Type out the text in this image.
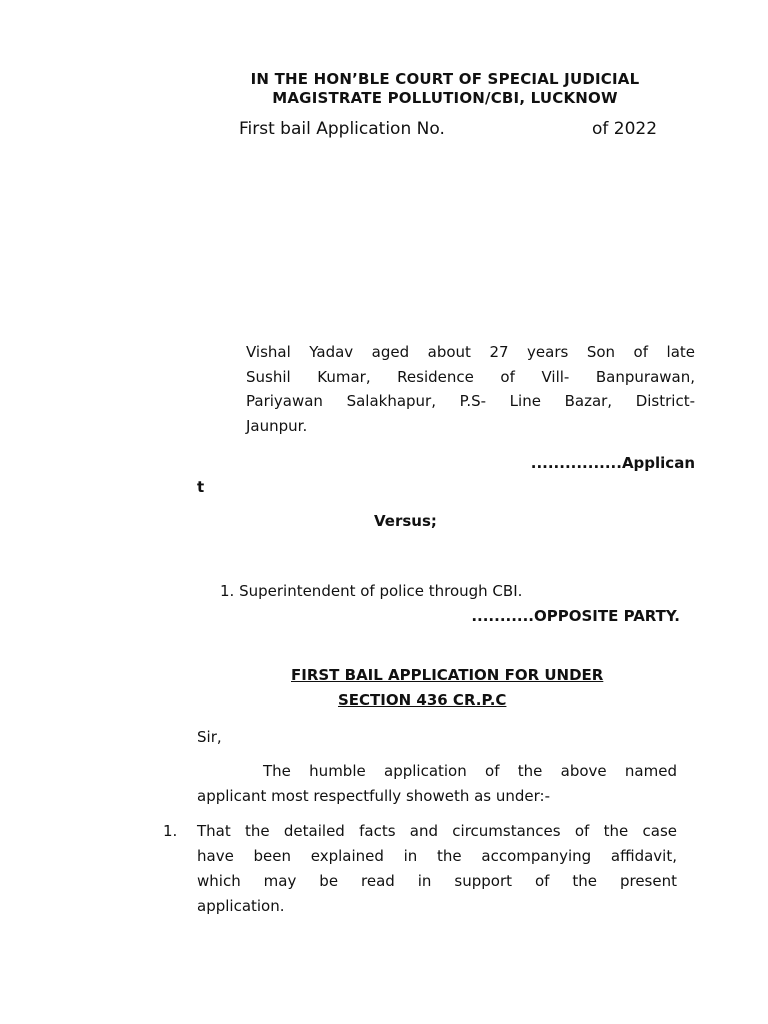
IN THE HON’BLE COURT OF SPECIAL JUDICIAL
MAGISTRATE POLLUTION/CBI, LUCKNOW
First bail Application No.	of 2022
Vishal Yadav aged about 27 years Son of late
Sushil Kumar, Residence of Vill- Banpurawan,
Pariyawan Salakhapur, P.S- Line Bazar, District-
Jaunpur.
................Applican
t
Versus;
1. Superintendent of police through CBI.
...........OPPOSITE PARTY.
FIRST BAIL APPLICATION FOR UNDER
SECTION 436 CR.P.C
Sir,
The humble application of the above named
applicant most respectfully showeth as under:-
1. That the detailed facts and circumstances of the case
have been explained in the accompanying affidavit,
which may be read in support of the present
application.
